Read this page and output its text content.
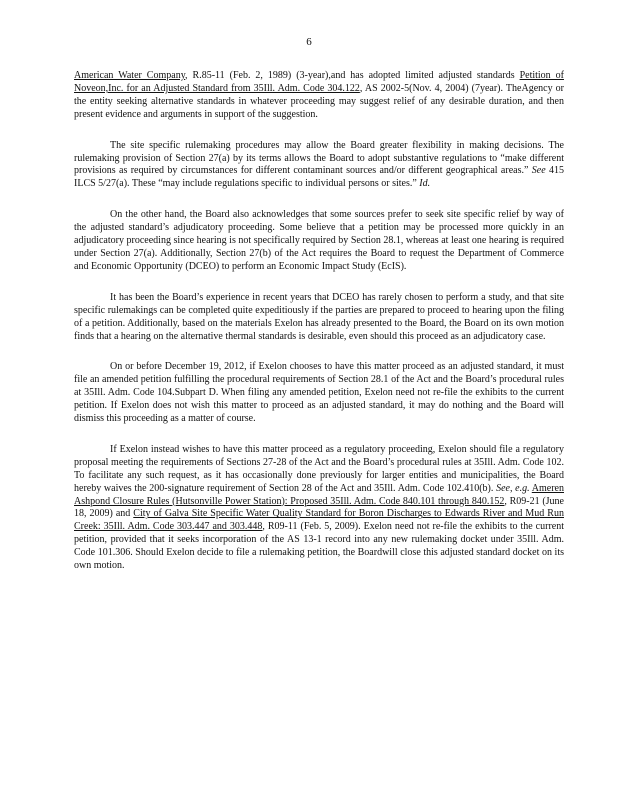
6

American Water Company, R.85-11 (Feb. 2, 1989) (3-year),and has adopted limited adjusted standards Petition of Noveon,Inc. for an Adjusted Standard from 35Ill. Adm. Code 304.122, AS 2002-5(Nov. 4, 2004) (7year). TheAgency or the entity seeking alternative standards in whatever proceeding may suggest relief of any desirable duration, and then present evidence and arguments in support of the suggestion.

The site specific rulemaking procedures may allow the Board greater flexibility in making decisions. The rulemaking provision of Section 27(a) by its terms allows the Board to adopt substantive regulations to “make different provisions as required by circumstances for different contaminant sources and/or different geographical areas.” See 415 ILCS 5/27(a). These “may include regulations specific to individual persons or sites.” Id.

On the other hand, the Board also acknowledges that some sources prefer to seek site specific relief by way of the adjusted standard’s adjudicatory proceeding. Some believe that a petition may be processed more quickly in an adjudicatory proceeding since hearing is not specifically required by Section 28.1, whereas at least one hearing is required under Section 27(a). Additionally, Section 27(b) of the Act requires the Board to request the Department of Commerce and Economic Opportunity (DCEO) to perform an Economic Impact Study (EcIS).

It has been the Board’s experience in recent years that DCEO has rarely chosen to perform a study, and that site specific rulemakings can be completed quite expeditiously if the parties are prepared to proceed to hearing upon the filing of a petition. Additionally, based on the materials Exelon has already presented to the Board, the Board on its own motion finds that a hearing on the alternative thermal standards is desirable, even should this proceed as an adjudicatory case.

On or before December 19, 2012, if Exelon chooses to have this matter proceed as an adjusted standard, it must file an amended petition fulfilling the procedural requirements of Section 28.1 of the Act and the Board’s procedural rules at 35Ill. Adm. Code 104.Subpart D. When filing any amended petition, Exelon need not re-file the exhibits to the current petition. If Exelon does not wish this matter to proceed as an adjusted standard, it may do nothing and the Board will dismiss this proceeding as a matter of course.

If Exelon instead wishes to have this matter proceed as a regulatory proceeding, Exelon should file a regulatory proposal meeting the requirements of Sections 27-28 of the Act and the Board’s procedural rules at 35Ill. Adm. Code 102. To facilitate any such request, as it has occasionally done previously for larger entities and municipalities, the Board hereby waives the 200-signature requirement of Section 28 of the Act and 35Ill. Adm. Code 102.410(b). See, e.g. Ameren Ashpond Closure Rules (Hutsonville Power Station): Proposed 35Ill. Adm. Code 840.101 through 840.152, R09-21 (June 18, 2009) and City of Galva Site Specific Water Quality Standard for Boron Discharges to Edwards River and Mud Run Creek: 35Ill. Adm. Code 303.447 and 303.448, R09-11 (Feb. 5, 2009). Exelon need not re-file the exhibits to the current petition, provided that it seeks incorporation of the AS 13-1 record into any new rulemaking docket under 35Ill. Adm. Code 101.306. Should Exelon decide to file a rulemaking petition, the Boardwill close this adjusted standard docket on its own motion.
